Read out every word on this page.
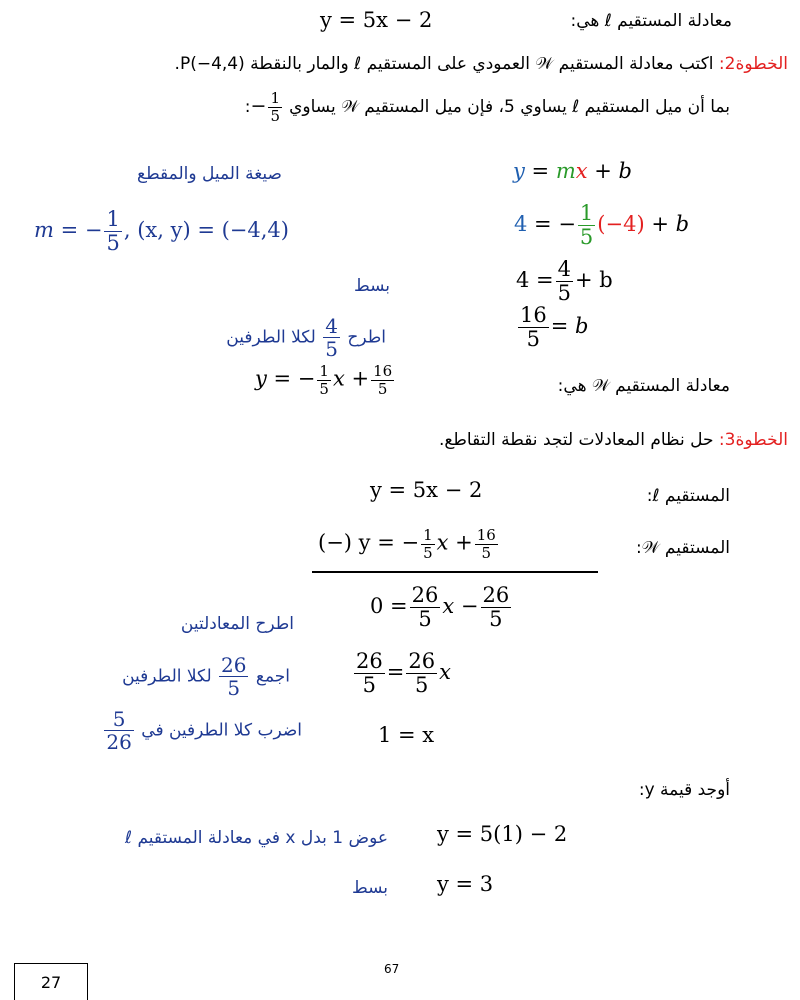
y = 5x − 2	معادلة المستقيم ℓ هي:
الخطوة2: اكتب معادلة المستقيم 𝒲 العمودي على المستقيم ℓ والمار بالنقطة P(−4,4).
بما أن ميل المستقيم ℓ يساوي 5، فإن ميل المستقيم 𝒲 يساوي − $\frac{1}{5}$
:
صيغة الميل والمقطع	y = mx + b
m = − $\frac{1}{5}$ , (x, y) = (−4,4)	4 = − $\frac{1}{5} (-4) + b$
بسط	$4 = \frac{4}{5} + b$
اطرح
$\frac{4}{5}$
لكلا الطرفين	$\frac{16}{5} = b$
معادلة المستقيم 𝒲 هي:
y = − $\frac{1}{5}$ $x + \frac{16}{5}$
الخطوة3: حل نظام المعادلات لتجد نقطة التقاطع.
المستقيم ℓ:
y = 5x − 2
المستقيم 𝒲:
(−) y = − $\frac{1}{5}$ $x + \frac{16}{5}$
اطرح المعادلتين
$0 = \frac{26}{5}$ $x - \frac{26}{5}$
اجمع
$\frac{26}{5}$
لكلا الطرفين	$\frac{26}{5} = \frac{26}{5}$ x
اضرب كلا الطرفين في
$\frac{5}{26}$	1 = x
أوجد قيمة y:
عوض 1 بدل x في معادلة المستقيم ℓ y = 5(1) − 2
بسط y = 3
67
27
